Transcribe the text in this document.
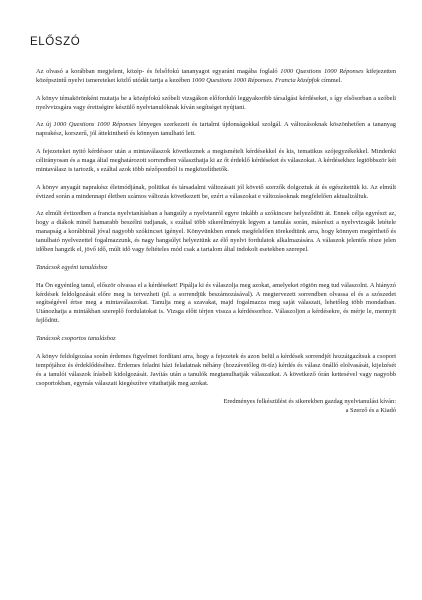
ELŐSZÓ

Az olvasó a korábban megjelent, közép- és felsőfokú tananyagot egyaránt magába foglaló 1000 Questions 1000 Réponses kifejezetten középszintű nyelvi ismereteket közlő utódát tartja a kezében 1000 Questions 1000 Réponses. Francia középfok címmel.

A könyv témakörönként mutatja be a középfokú szóbeli vizsgákon előforduló leggyakoribb társalgási kérdéseket, s így elsősorban a szóbeli nyelvvizsgára vagy érettségire készülő nyelvtanulóknak kíván segítséget nyújtani.

Az új 1000 Questions 1000 Réponses lényeges szerkezeti és tartalmi újdonságokkal szolgál. A változásoknak köszönhetően a tananyag naprakész, korszerű, jól áttekinthető és könnyen tanulható lett.

A fejezeteket nyitó kérdéssor után a mintaválaszok következnek a megismételt kérdésekkel és kis, tematikus szójegyzékekkel. Mindenki célirányosan és a maga által meghatározott sorrendben választhatja ki az őt érdeklő kérdéseket és válaszokat. A kérdésekhez legtöbbször két mintaválasz is tartozik, s ezáltal azok több nézőpontból is megközelíthetők.

A könyv anyagát naprakész életmódjának, politikai és társadalmi változásait jól követő szerzők dolgoztuk át és egészítettük ki. Az elmúlt évtized során a mindennapi életben számos változás következett be, ezért a válaszokat e változásoknak megfelelően aktualizáltuk.

Az elmúlt évtizedben a francia nyelvtanításban a hangsúly a nyelvtanról egyre inkább a szókincsre helyeződött át. Ennek célja egyrészt az, hogy a diákok minél hamarabb beszélni tudjanak, s ezáltal több sikerélményük legyen a tanulás során, másrészt a nyelvvizsgák letétele manapság a korábbinál jóval nagyobb szókincset igényel. Könyvünkben ennek megfelelően törekedtünk arra, hogy könnyen megérthető és tanulható nyelvezettel fogalmazzunk, és nagy hangsúlyt helyeztünk az élő nyelvi fordulatok alkalmazására. A válaszok jelentős része jelen időben hangzik el, jövő idő, múlt idő vagy feltételes mód csak a tartalom által indokolt esetekben szerepel.

Tanácsok egyéni tanuláshoz

Ha Ön egyénileg tanul, először olvassa el a kérdéseket! Pipálja ki és válaszolja meg azokat, amelyeket rögtön meg tud válaszolni. A hiányzó kérdések feldolgozását előre meg is tervezheti (pl. a sorrendjük beszámozásával). A megtervezett sorrendben olvassa el és a szószedet segítségével értse meg a mintaválaszokat. Tanulja meg a szavakat, majd fogalmazza meg saját válaszait, lehetőleg több mondatban. Utánozhatja a mintákban szereplő fordulatokat is. Vizsga előtt térjen vissza a kérdéssorhoz. Válaszoljon a kérdésekre, és mérje le, mennyit fejlődött.

Tanácsok csoportos tanuláshoz

A könyv feldolgozása során érdemes figyelmet fordítani arra, hogy a fejezetek és azon belül a kérdések sorrendjét hozzáigazítsuk a csoport tempójához és érdeklődéséhez. Érdemes feladni házi feladatnak néhány (hozzávetőleg öt-tíz) kérdés és válasz önálló elolvasását, kijelzését és a tanulói válaszok írásbeli kidolgozását. Javítás után a tanulók megtanulhatják válaszaikat. A következő órán kettesével vagy nagyobb csoportokban, egymás válaszait kiegészítve vitathatják meg azokat.

Eredményes felkészülést és sikerekben gazdag nyelvtanulást kíván:
a Szerző és a Kiadó
